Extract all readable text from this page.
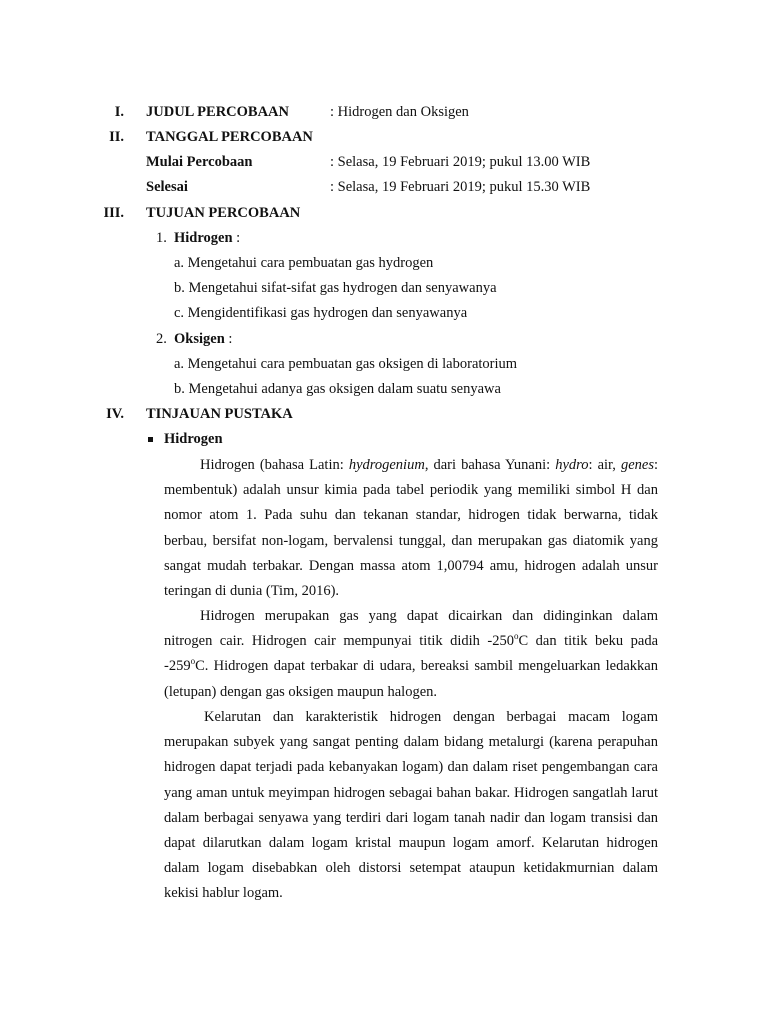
I. JUDUL PERCOBAAN	: Hidrogen dan Oksigen
II. TANGGAL PERCOBAAN
Mulai Percobaan	: Selasa, 19 Februari 2019; pukul 13.00 WIB
Selesai	: Selasa, 19 Februari 2019; pukul 15.30 WIB
III. TUJUAN PERCOBAAN
1. Hidrogen :
a. Mengetahui cara pembuatan gas hydrogen
b. Mengetahui sifat-sifat gas hydrogen dan senyawanya
c. Mengidentifikasi gas hydrogen dan senyawanya
2. Oksigen :
a. Mengetahui cara pembuatan gas oksigen di laboratorium
b. Mengetahui adanya gas oksigen dalam suatu senyawa
IV. TINJAUAN PUSTAKA
Hidrogen

Hidrogen (bahasa Latin: hydrogenium, dari bahasa Yunani: hydro: air, genes: membentuk) adalah unsur kimia pada tabel periodik yang memiliki simbol H dan nomor atom 1. Pada suhu dan tekanan standar, hidrogen tidak berwarna, tidak berbau, bersifat non-logam, bervalensi tunggal, dan merupakan gas diatomik yang sangat mudah terbakar. Dengan massa atom 1,00794 amu, hidrogen adalah unsur teringan di dunia (Tim, 2016).

Hidrogen merupakan gas yang dapat dicairkan dan didinginkan dalam nitrogen cair. Hidrogen cair mempunyai titik didih -250$^o$C dan titik beku pada -259$^o$C. Hidrogen dapat terbakar di udara, bereaksi sambil mengeluarkan ledakkan (letupan) dengan gas oksigen maupun halogen.

Kelarutan dan karakteristik hidrogen dengan berbagai macam logam merupakan subyek yang sangat penting dalam bidang metalurgi (karena perapuhan hidrogen dapat terjadi pada kebanyakan logam) dan dalam riset pengembangan cara yang aman untuk meyimpan hidrogen sebagai bahan bakar. Hidrogen sangatlah larut dalam berbagai senyawa yang terdiri dari logam tanah nadir dan logam transisi dan dapat dilarutkan dalam logam kristal maupun logam amorf. Kelarutan hidrogen dalam logam disebabkan oleh distorsi setempat ataupun ketidakmurnian dalam kekisi hablur logam.
